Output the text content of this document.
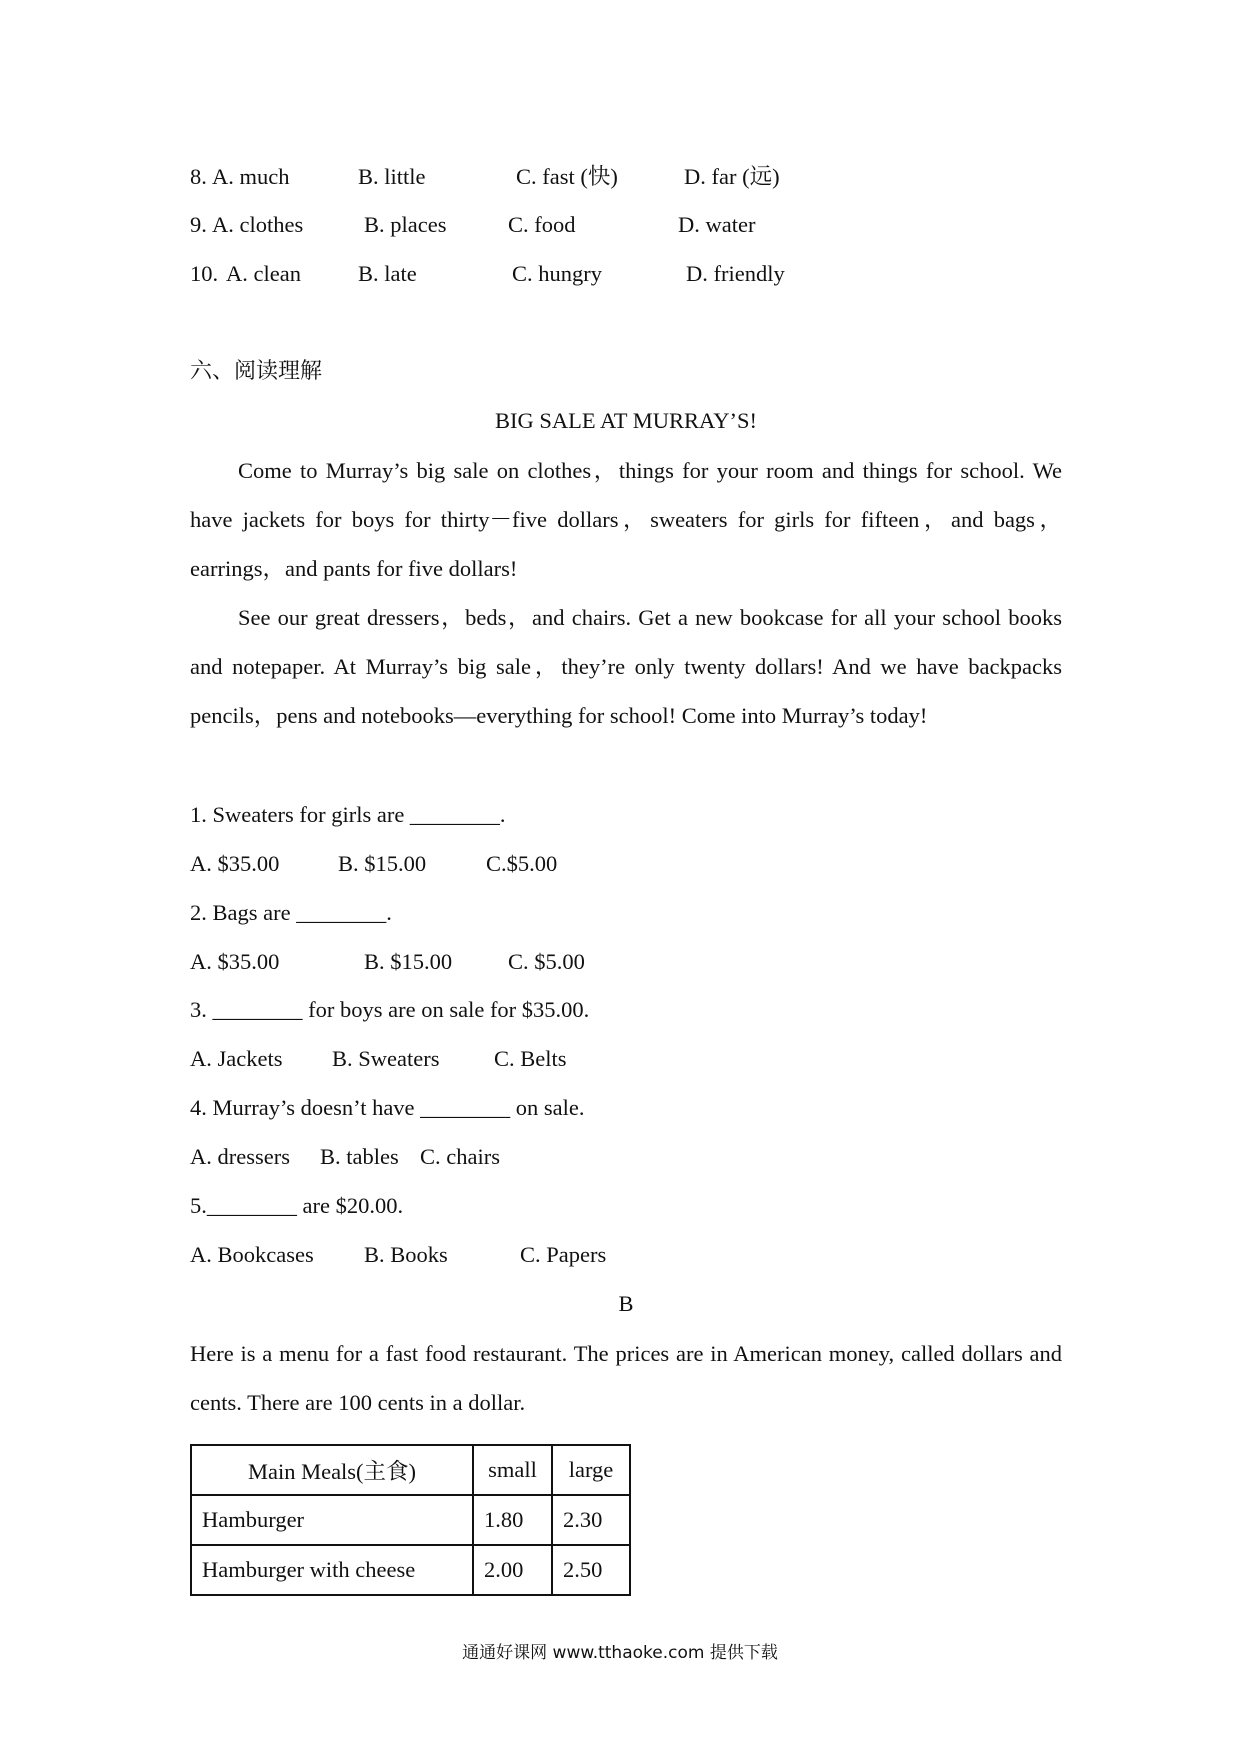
8. A. much	B. little	C. fast (快)	D. far (远)
9. A. clothes	B. places	C. food	D. water
10. A. clean	B. late	C. hungry	D. friendly
六、阅读理解
BIG SALE AT MURRAY’S!
Come to Murray’s big sale on clothes，things for your room and things for school. We have jackets for boys for thirty－five dollars，sweaters for girls for fifteen，and bags，earrings，and pants for five dollars!
See our great dressers，beds，and chairs. Get a new bookcase for all your school books and notepaper. At Murray’s big sale，they’re only twenty dollars! And we have backpacks pencils，pens and notebooks—everything for school! Come into Murray’s today!
1. Sweaters for girls are ________.
A. $35.00	B. $15.00	C.$5.00
2. Bags are ________.
A. $35.00	B. $15.00 C. $5.00
3. ________ for boys are on sale for $35.00.
A. Jackets B. Sweaters C. Belts
4. Murray’s doesn’t have ________ on sale.
A. dressers B. tables C. chairs
5.________ are $20.00.
A. Bookcases B. Books	C. Papers
B
Here is a menu for a fast food restaurant. The prices are in American money, called dollars and cents. There are 100 cents in a dollar.
Main Meals(主食)	small	large
Hamburger	1.80	2.30
Hamburger with cheese	2.00	2.50
通通好课网 www.tthaoke.com 提供下载
